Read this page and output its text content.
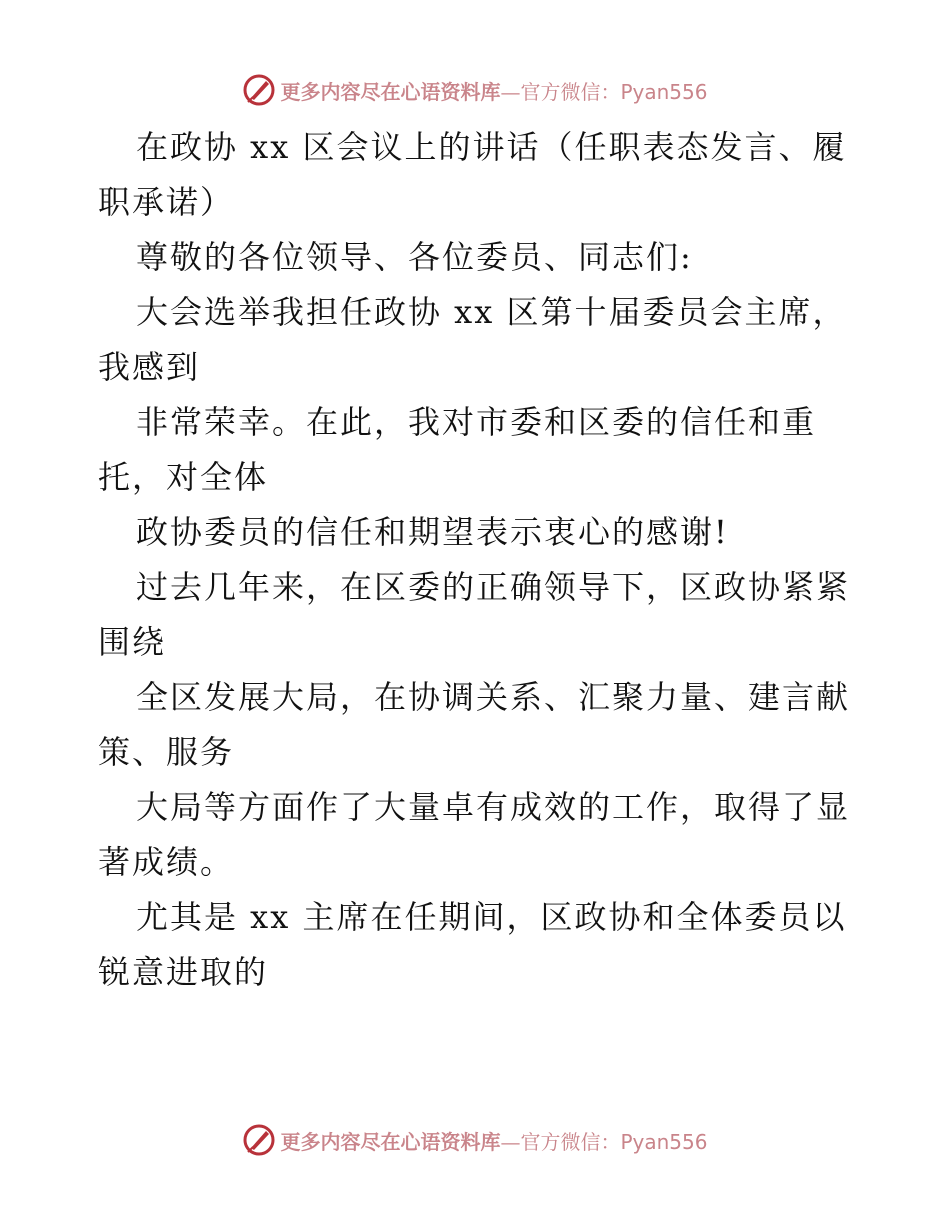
更多内容尽在心语资料库—官方微信：Pyan556

在政协 xx 区会议上的讲话（任职表态发言、履

职承诺）

尊敬的各位领导、各位委员、同志们:

大会选举我担任政协 xx 区第十届委员会主席，

我感到

非常荣幸。在此，我对市委和区委的信任和重

托，对全体

政协委员的信任和期望表示衷心的感谢!

过去几年来，在区委的正确领导下，区政协紧紧

围绕

全区发展大局，在协调关系、汇聚力量、建言献

策、服务

大局等方面作了大量卓有成效的工作，取得了显

著成绩。

尤其是 xx 主席在任期间，区政协和全体委员以

锐意进取的

更多内容尽在心语资料库—官方微信：Pyan556
